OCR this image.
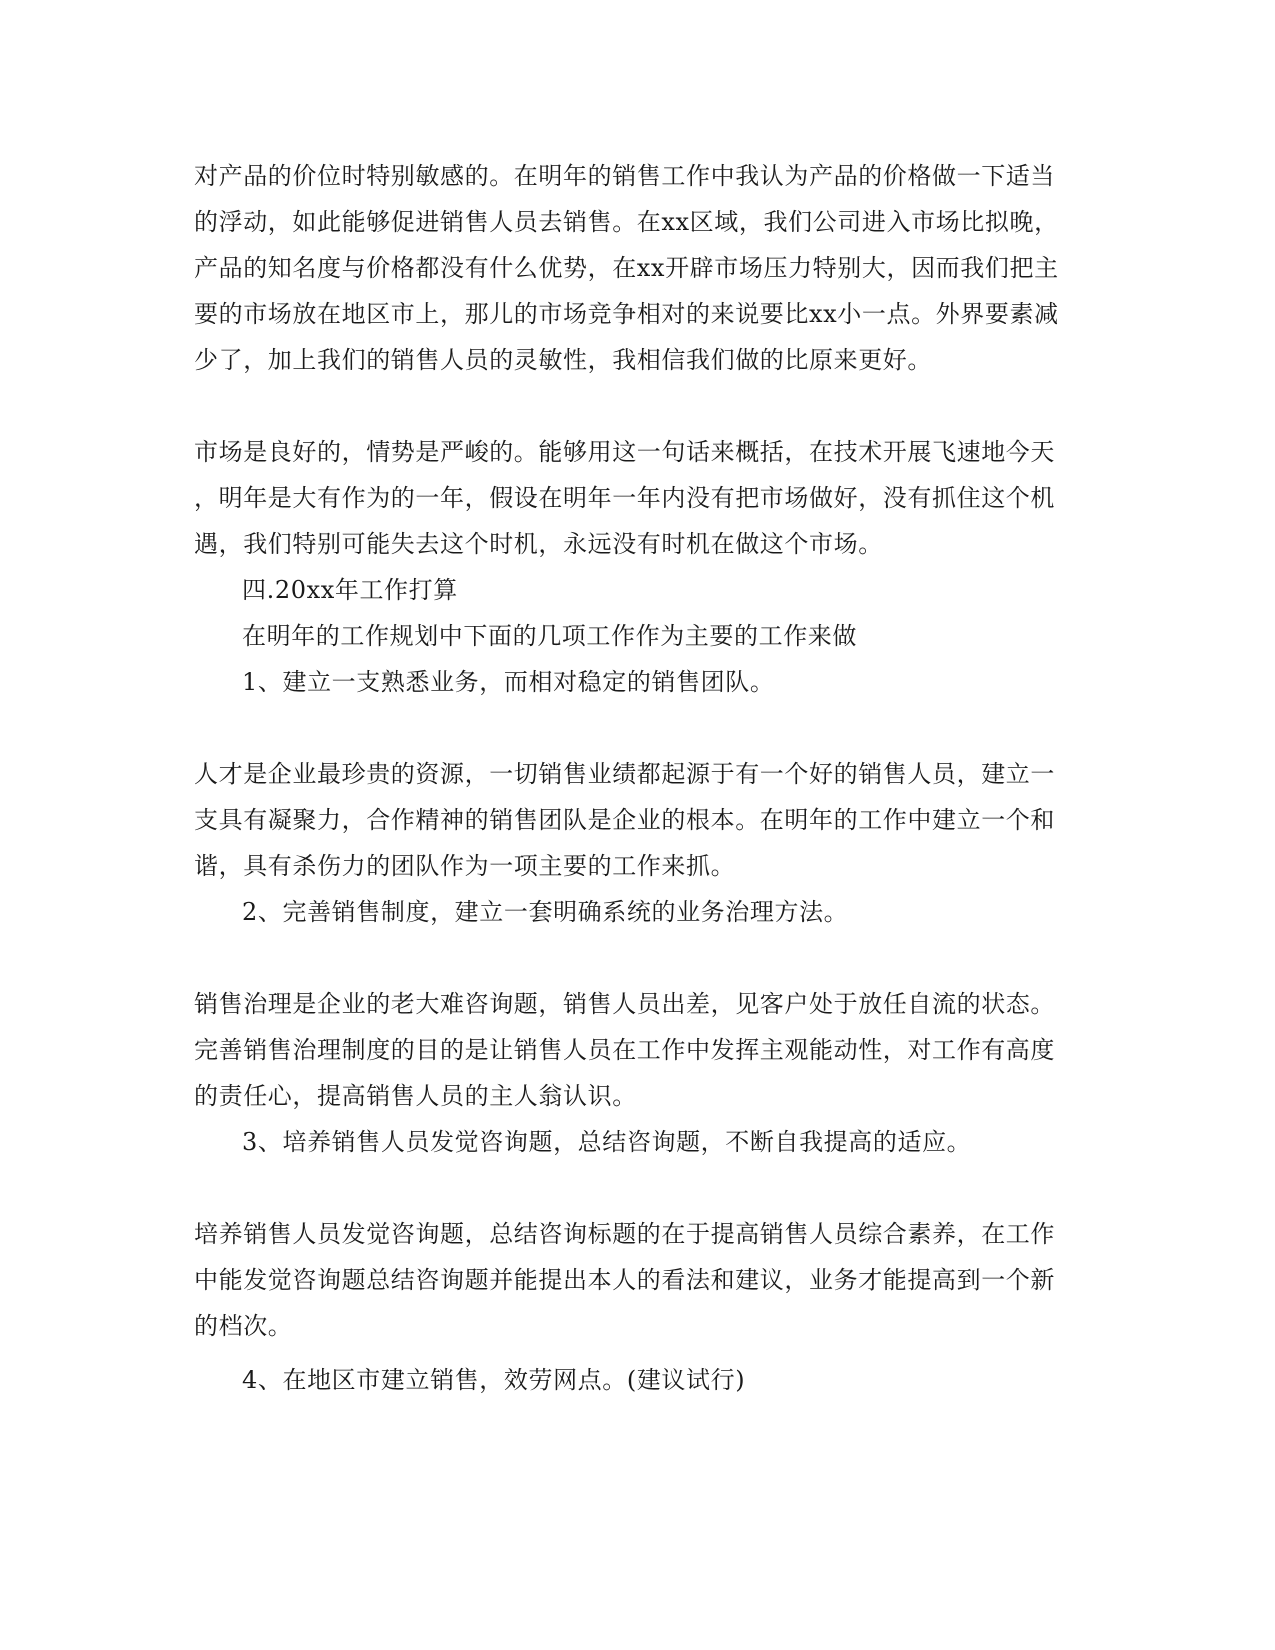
对产品的价位时特别敏感的。在明年的销售工作中我认为产品的价格做一下适当
的浮动，如此能够促进销售人员去销售。在xx区域，我们公司进入市场比拟晚，
产品的知名度与价格都没有什么优势，在xx开辟市场压力特别大，因而我们把主
要的市场放在地区市上，那儿的市场竞争相对的来说要比xx小一点。外界要素减
少了，加上我们的销售人员的灵敏性，我相信我们做的比原来更好。
市场是良好的，情势是严峻的。能够用这一句话来概括，在技术开展飞速地今天
，明年是大有作为的一年，假设在明年一年内没有把市场做好，没有抓住这个机
遇，我们特别可能失去这个时机，永远没有时机在做这个市场。
四.20xx年工作打算
在明年的工作规划中下面的几项工作作为主要的工作来做
1、建立一支熟悉业务，而相对稳定的销售团队。
人才是企业最珍贵的资源，一切销售业绩都起源于有一个好的销售人员，建立一
支具有凝聚力，合作精神的销售团队是企业的根本。在明年的工作中建立一个和
谐，具有杀伤力的团队作为一项主要的工作来抓。
2、完善销售制度，建立一套明确系统的业务治理方法。
销售治理是企业的老大难咨询题，销售人员出差，见客户处于放任自流的状态。
完善销售治理制度的目的是让销售人员在工作中发挥主观能动性，对工作有高度
的责任心，提高销售人员的主人翁认识。
3、培养销售人员发觉咨询题，总结咨询题，不断自我提高的适应。
培养销售人员发觉咨询题，总结咨询标题的在于提高销售人员综合素养，在工作
中能发觉咨询题总结咨询题并能提出本人的看法和建议，业务才能提高到一个新
的档次。
4、在地区市建立销售，效劳网点。(建议试行)
